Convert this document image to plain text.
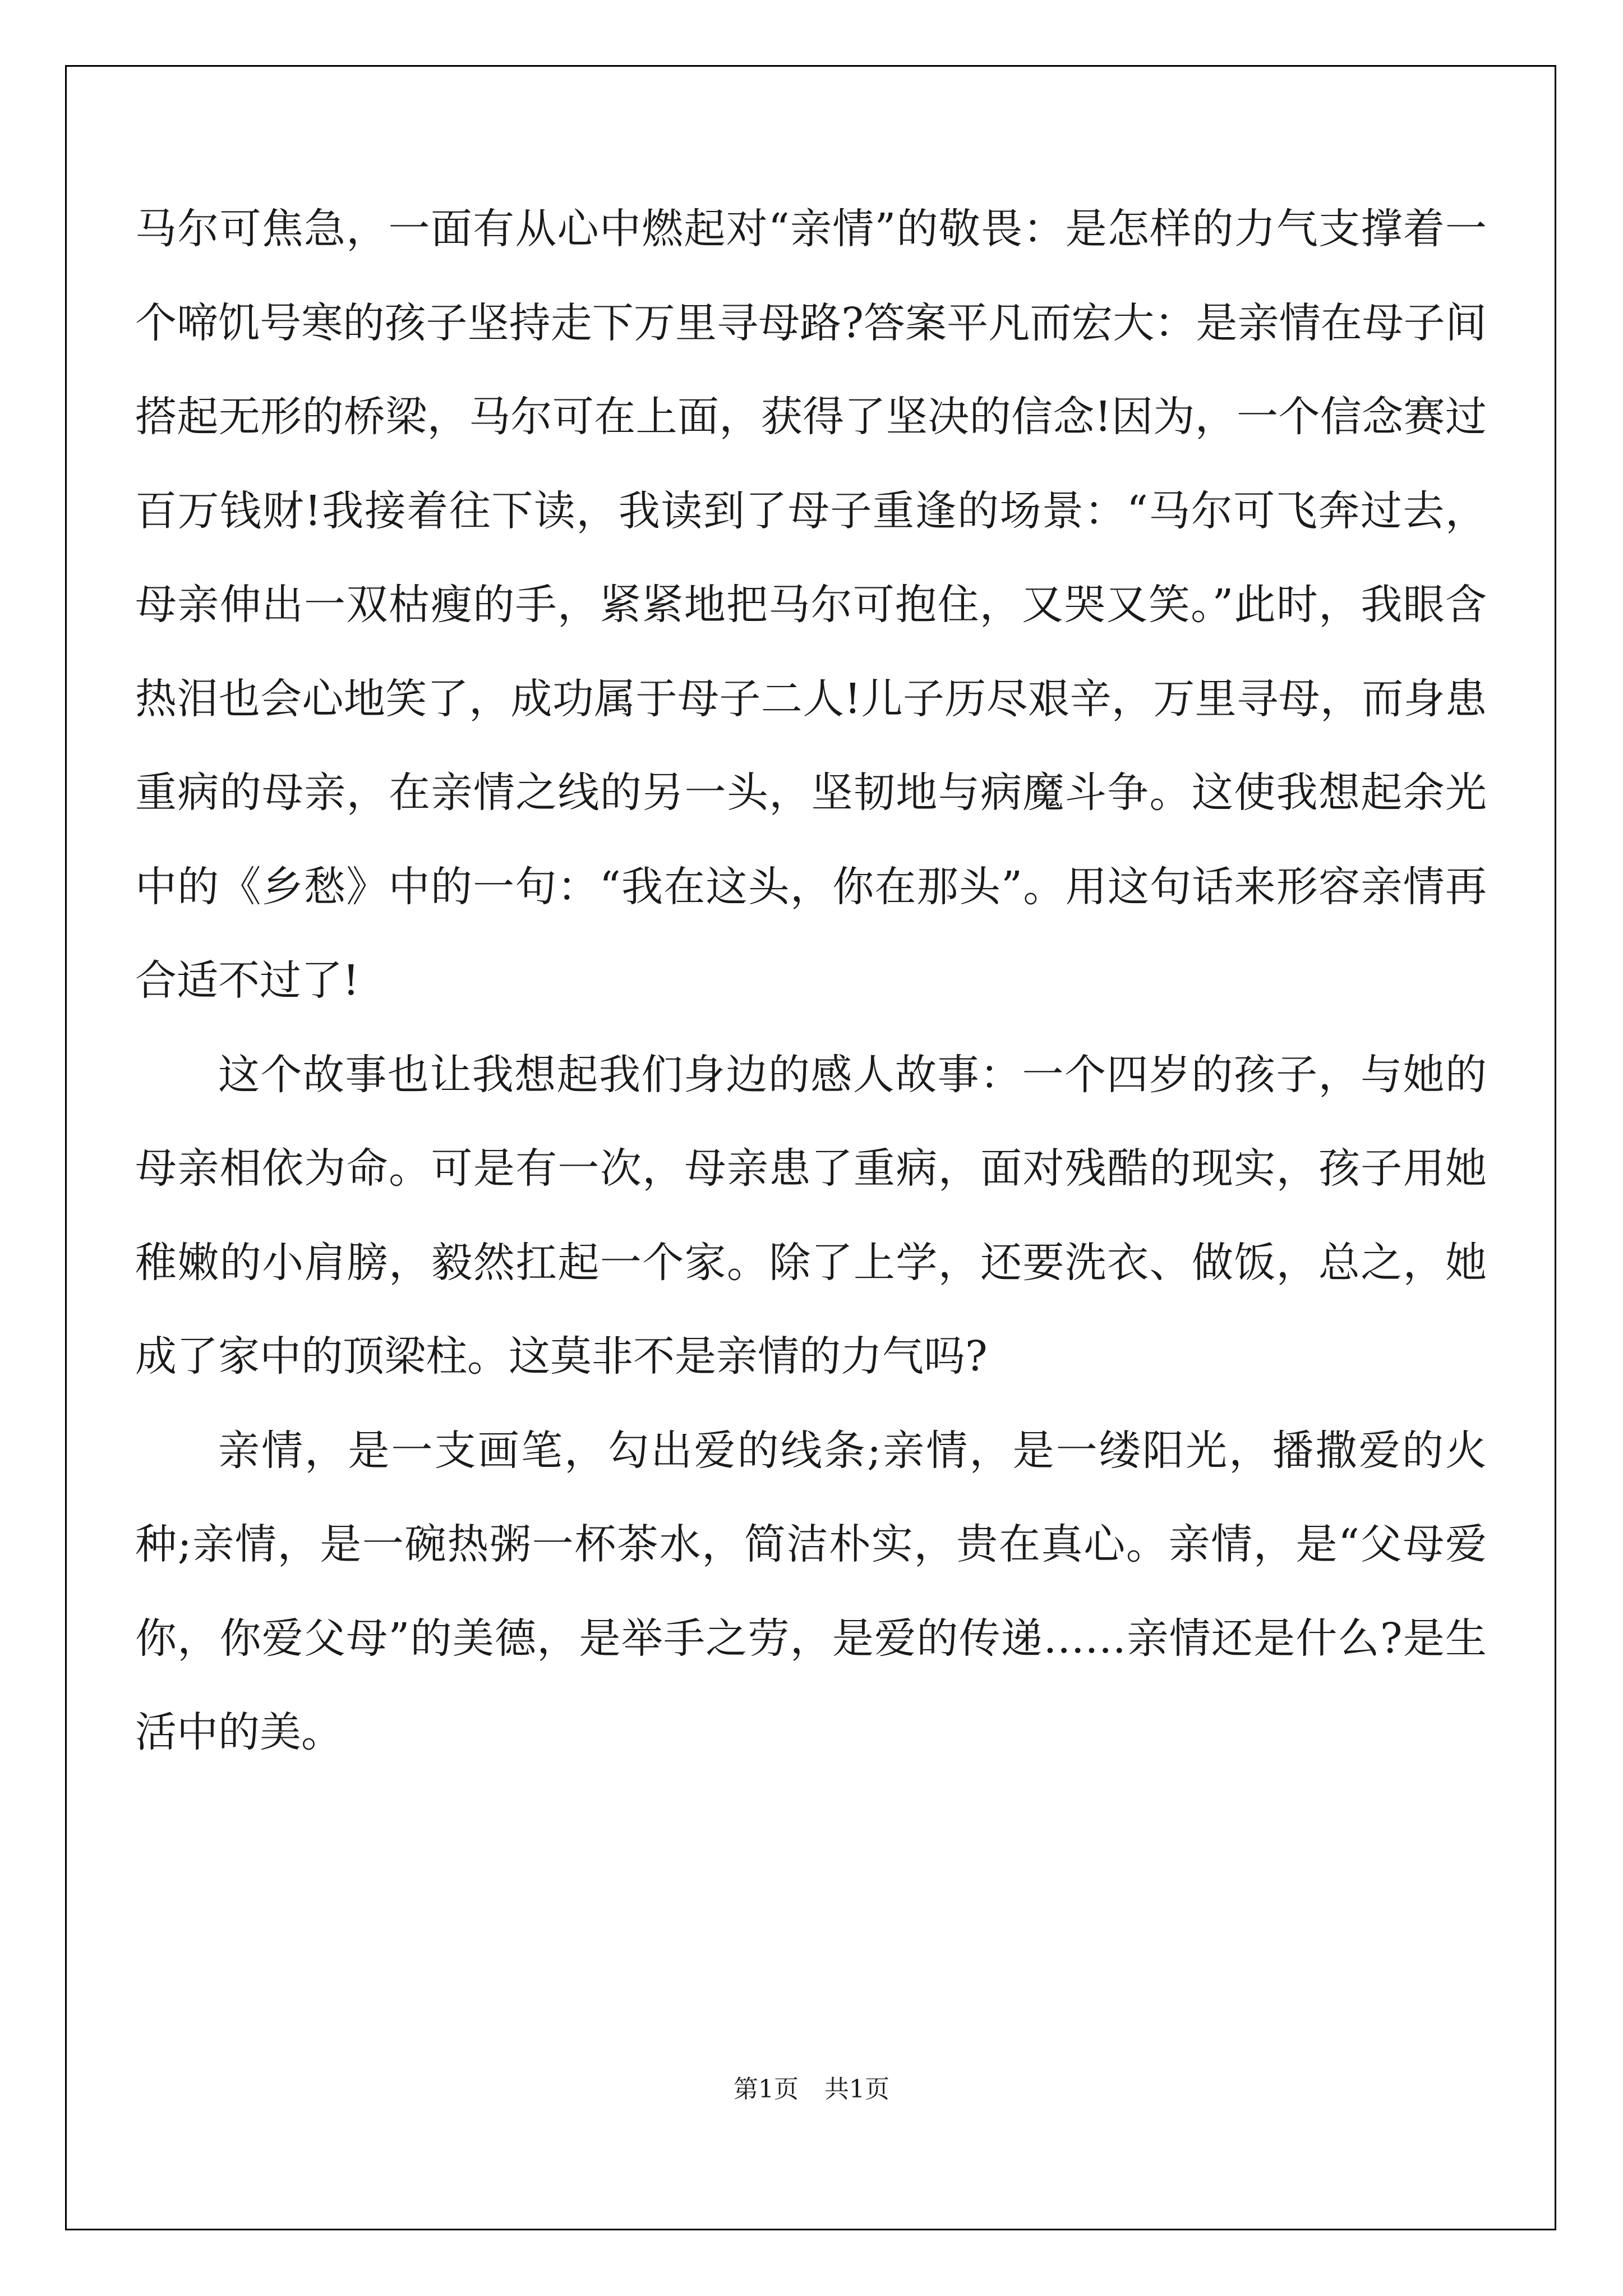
马尔可焦急，一面有从心中燃起对“亲情”的敬畏：是怎样的力气支撑着一个啼饥号寒的孩子坚持走下万里寻母路?答案平凡而宏大：是亲情在母子间搭起无形的桥梁，马尔可在上面，获得了坚决的信念!因为，一个信念赛过百万钱财!我接着往下读，我读到了母子重逢的场景：“马尔可飞奔过去，母亲伸出一双枯瘦的手，紧紧地把马尔可抱住，又哭又笑。”此时，我眼含热泪也会心地笑了，成功属于母子二人!儿子历尽艰辛，万里寻母，而身患重病的母亲，在亲情之线的另一头，坚韧地与病魔斗争。这使我想起余光中的《乡愁》中的一句：“我在这头，你在那头”。用这句话来形容亲情再合适不过了!

这个故事也让我想起我们身边的感人故事：一个四岁的孩子，与她的母亲相依为命。可是有一次，母亲患了重病，面对残酷的现实，孩子用她稚嫩的小肩膀，毅然扛起一个家。除了上学，还要洗衣、做饭，总之，她成了家中的顶梁柱。这莫非不是亲情的力气吗?

亲情，是一支画笔，勾出爱的线条;亲情，是一缕阳光，播撒爱的火种;亲情，是一碗热粥一杯茶水，简洁朴实，贵在真心。亲情，是“父母爱你，你爱父母”的美德，是举手之劳，是爱的传递……亲情还是什么?是生活中的美。

第1页 共1页
